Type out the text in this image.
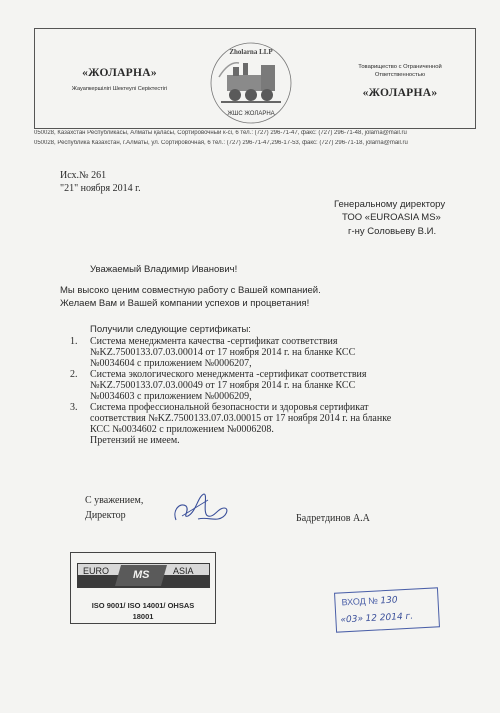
«ЖОЛАРНА»
Жауапкершілігі Шектеулі Серіктестігі
Zholarna LLP
ЖШС ЖОЛАРНА
Товарищество с Ограниченной
Ответственностью
«ЖОЛАРНА»
050028, Казахстан Республикасы, Алматы қаласы, Сортировочный к-сі, 6 тел.: (727) 296-71-47, факс: (727) 296-71-48, jolarna@mail.ru
050028, Республика Казахстан, г.Алматы, ул. Сортировочная, 6 тел.: (727) 296-71-47,296-17-53, факс: (727) 296-71-18, jolarna@mail.ru
Исх.№ 261
"21" ноября 2014 г.
Генеральному директору
ТОО «EUROASIA MS»
г-ну Соловьеву В.И.
Уважаемый Владимир Иванович!
Мы высоко ценим совместную работу с Вашей компанией.
Желаем Вам и Вашей компании успехов и процветания!
Получили следующие сертификаты:
1. Система менеджмента качества -сертификат соответствия
№KZ.7500133.07.03.00014 от 17 ноября 2014 г. на бланке КСС
№0034604 с приложением №0006207,
2. Система экологического менеджмента -сертификат соответствия
№KZ.7500133.07.03.00049 от 17 ноября 2014 г. на бланке КСС
№0034603 с приложением №0006209,
3. Система профессиональной безопасности и здоровья сертификат
соответствия №KZ.7500133.07.03.00015 от 17 ноября 2014 г. на бланке
КСС №0034602 с приложением №0006208.
Претензий не имеем.
С уважением,
Директор	Бадретдинов А.А
EURO MS	ASIA
ISO 9001/ ISO 14001/ OHSAS
18001
ВХОД № 130
«03» 12 2014 г.
